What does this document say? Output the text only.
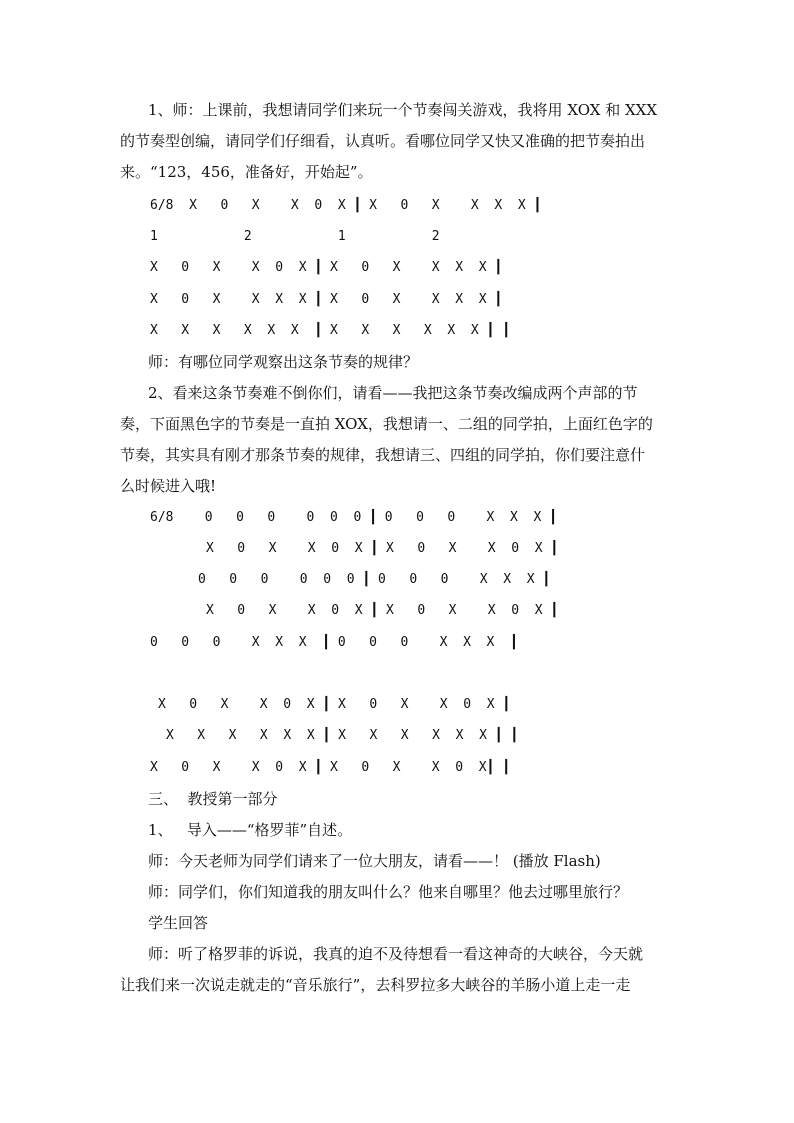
1、师：上课前，我想请同学们来玩一个节奏闯关游戏，我将用 XOX 和 XXX
的节奏型创编，请同学们仔细看，认真听。看哪位同学又快又准确的把节奏拍出
来。“123，456，准备好，开始起”。
6/8  X   0   X    X  0  X ┃ X   0   X    X  X  X ┃
1           2           1           2
X   0   X    X  0  X ┃ X   0   X    X  X  X ┃
X   0   X    X  X  X ┃ X   0   X    X  X  X ┃
X   X   X   X  X  X  ┃ X   X   X   X  X  X ┃ ┃
师：有哪位同学观察出这条节奏的规律？
2、看来这条节奏难不倒你们，请看——我把这条节奏改编成两个声部的节
奏，下面黑色字的节奏是一直拍 XOX，我想请一、二组的同学拍，上面红色字的
节奏，其实具有刚才那条节奏的规律，我想请三、四组的同学拍，你们要注意什
么时候进入哦!
6/8    0   0   0    0  0  0 ┃ 0   0   0    X  X  X ┃
X   0   X    X  0  X ┃ X   0   X    X  0  X ┃
0   0   0    0  0  0 ┃ 0   0   0    X  X  X ┃
X   0   X    X  0  X ┃ X   0   X    X  0  X ┃
0   0   0    X  X  X  ┃ 0   0   0    X  X  X  ┃
X   0   X    X  0  X ┃ X   0   X    X  0  X ┃
X   X   X   X  X  X ┃ X   X   X   X  X  X ┃ ┃
X   0   X    X  0  X ┃ X   0   X    X  0  X┃ ┃
三、  教授第一部分
1、   导入——“格罗菲”自述。
师：今天老师为同学们请来了一位大朋友，请看——！ (播放 Flash)
师：同学们，你们知道我的朋友叫什么？他来自哪里？他去过哪里旅行？
学生回答
师：听了格罗菲的诉说，我真的迫不及待想看一看这神奇的大峡谷，今天就
让我们来一次说走就走的“音乐旅行”，去科罗拉多大峡谷的羊肠小道上走一走
